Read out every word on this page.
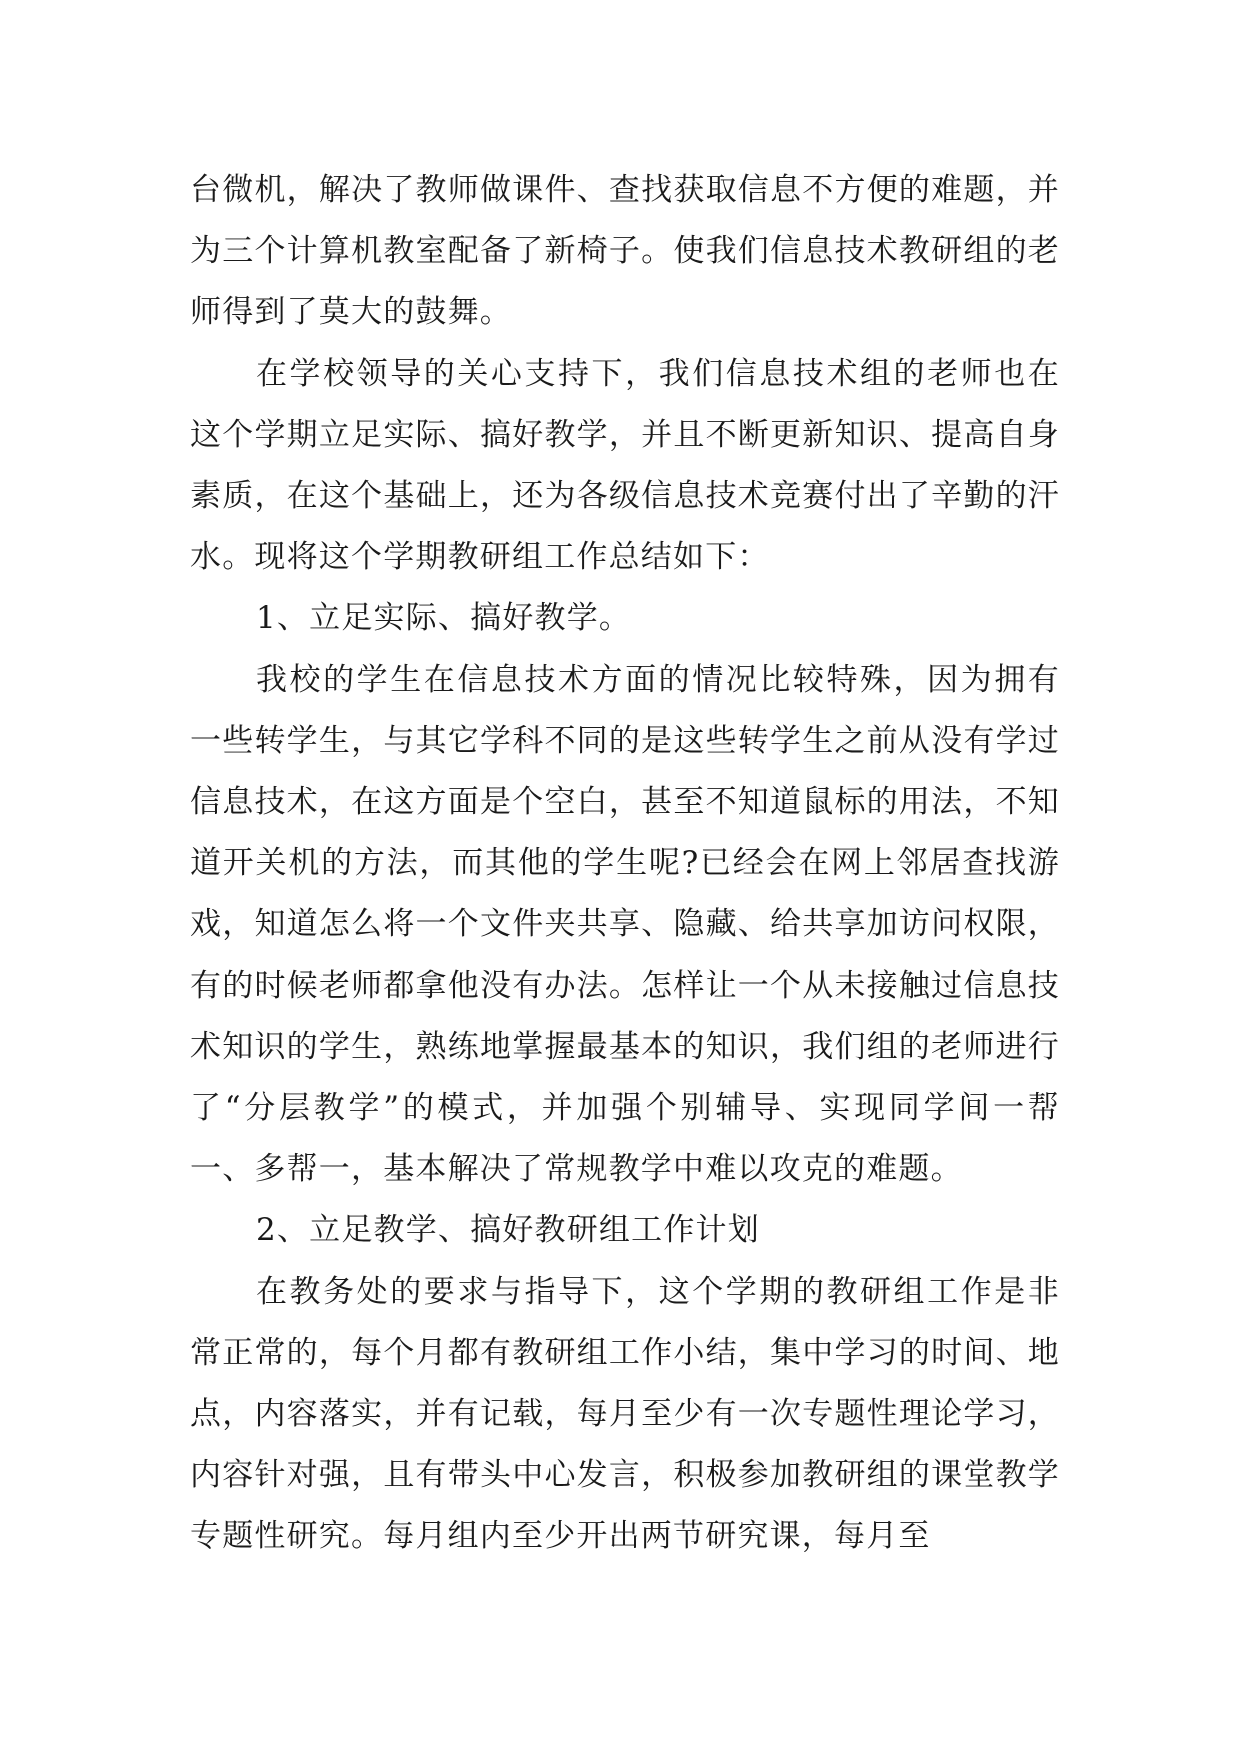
台微机，解决了教师做课件、查找获取信息不方便的难题，并为三个计算机教室配备了新椅子。使我们信息技术教研组的老师得到了莫大的鼓舞。

在学校领导的关心支持下，我们信息技术组的老师也在这个学期立足实际、搞好教学，并且不断更新知识、提高自身素质，在这个基础上，还为各级信息技术竞赛付出了辛勤的汗水。现将这个学期教研组工作总结如下：

1、立足实际、搞好教学。

我校的学生在信息技术方面的情况比较特殊，因为拥有一些转学生，与其它学科不同的是这些转学生之前从没有学过信息技术，在这方面是个空白，甚至不知道鼠标的用法，不知道开关机的方法，而其他的学生呢?已经会在网上邻居查找游戏，知道怎么将一个文件夹共享、隐藏、给共享加访问权限，有的时候老师都拿他没有办法。怎样让一个从未接触过信息技术知识的学生，熟练地掌握最基本的知识，我们组的老师进行了“分层教学”的模式，并加强个别辅导、实现同学间一帮一、多帮一，基本解决了常规教学中难以攻克的难题。

2、立足教学、搞好教研组工作计划

在教务处的要求与指导下，这个学期的教研组工作是非常正常的，每个月都有教研组工作小结，集中学习的时间、地点，内容落实，并有记载，每月至少有一次专题性理论学习，内容针对强，且有带头中心发言，积极参加教研组的课堂教学专题性研究。每月组内至少开出两节研究课，每月至
